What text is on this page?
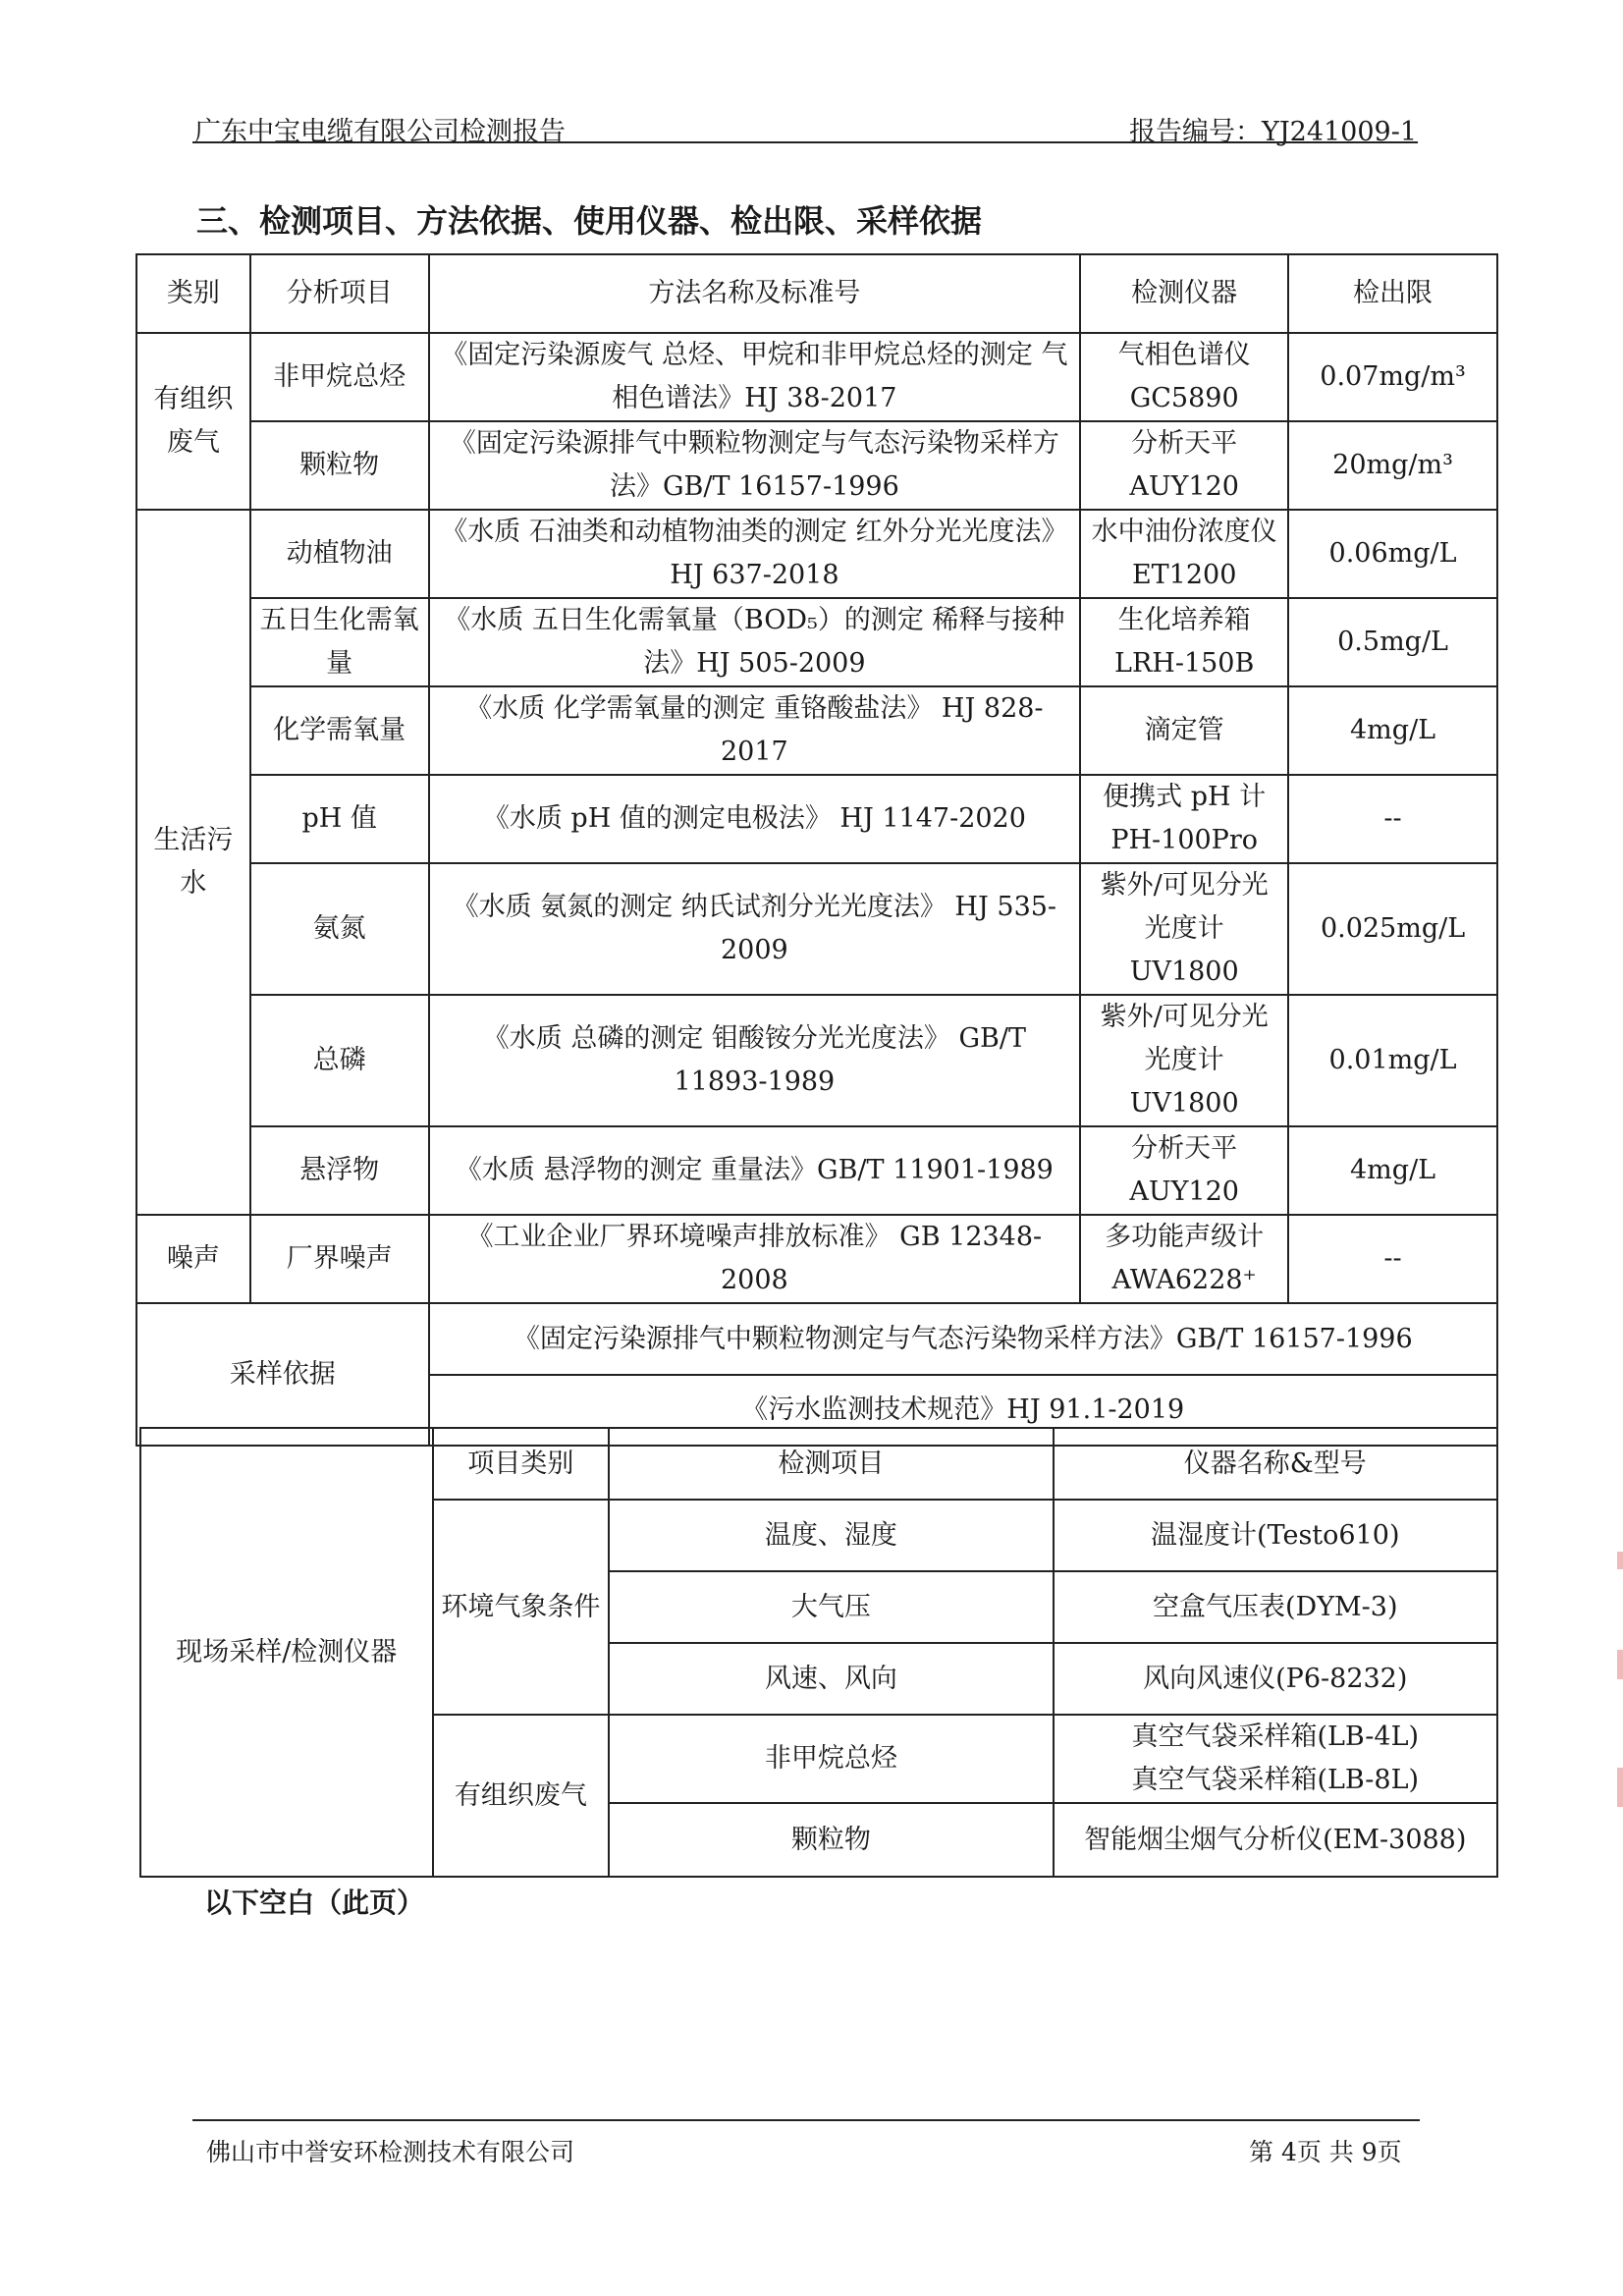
广东中宝电缆有限公司检测报告	报告编号：YJ241009-1
三、检测项目、方法依据、使用仪器、检出限、采样依据
类别	分析项目	方法名称及标准号	检测仪器	检出限
有组织废气	非甲烷总烃	《固定污染源废气 总烃、甲烷和非甲烷总烃的测定 气相色谱法》HJ 38-2017	气相色谱仪 GC5890	0.07mg/m³
	颗粒物	《固定污染源排气中颗粒物测定与气态污染物采样方法》GB/T 16157-1996	分析天平 AUY120	20mg/m³
生活污水	动植物油	《水质 石油类和动植物油类的测定 红外分光光度法》HJ 637-2018	水中油份浓度仪 ET1200	0.06mg/L
	五日生化需氧量	《水质 五日生化需氧量（BOD₅）的测定 稀释与接种法》HJ 505-2009	生化培养箱 LRH-150B	0.5mg/L
	化学需氧量	《水质 化学需氧量的测定 重铬酸盐法》 HJ 828-2017	滴定管	4mg/L
	pH 值	《水质 pH 值的测定电极法》 HJ 1147-2020	便携式 pH 计 PH-100Pro	--
	氨氮	《水质 氨氮的测定 纳氏试剂分光光度法》 HJ 535-2009	紫外/可见分光光度计 UV1800	0.025mg/L
	总磷	《水质 总磷的测定 钼酸铵分光光度法》 GB/T 11893-1989	紫外/可见分光光度计 UV1800	0.01mg/L
	悬浮物	《水质 悬浮物的测定 重量法》GB/T 11901-1989	分析天平 AUY120	4mg/L
噪声	厂界噪声	《工业企业厂界环境噪声排放标准》 GB 12348-2008	多功能声级计 AWA6228⁺	--
采样依据		《固定污染源排气中颗粒物测定与气态污染物采样方法》GB/T 16157-1996		
		《污水监测技术规范》HJ 91.1-2019		
现场采样/检测仪器	项目类别	检测项目	仪器名称&型号
	环境气象条件	温度、湿度	温湿度计(Testo610)
		大气压	空盒气压表(DYM-3)
		风速、风向	风向风速仪(P6-8232)
	有组织废气	非甲烷总烃	真空气袋采样箱(LB-4L)
真空气袋采样箱(LB-8L)

		颗粒物	智能烟尘烟气分析仪(EM-3088)
以下空白（此页）
佛山市中誉安环检测技术有限公司	第 4页 共 9页
